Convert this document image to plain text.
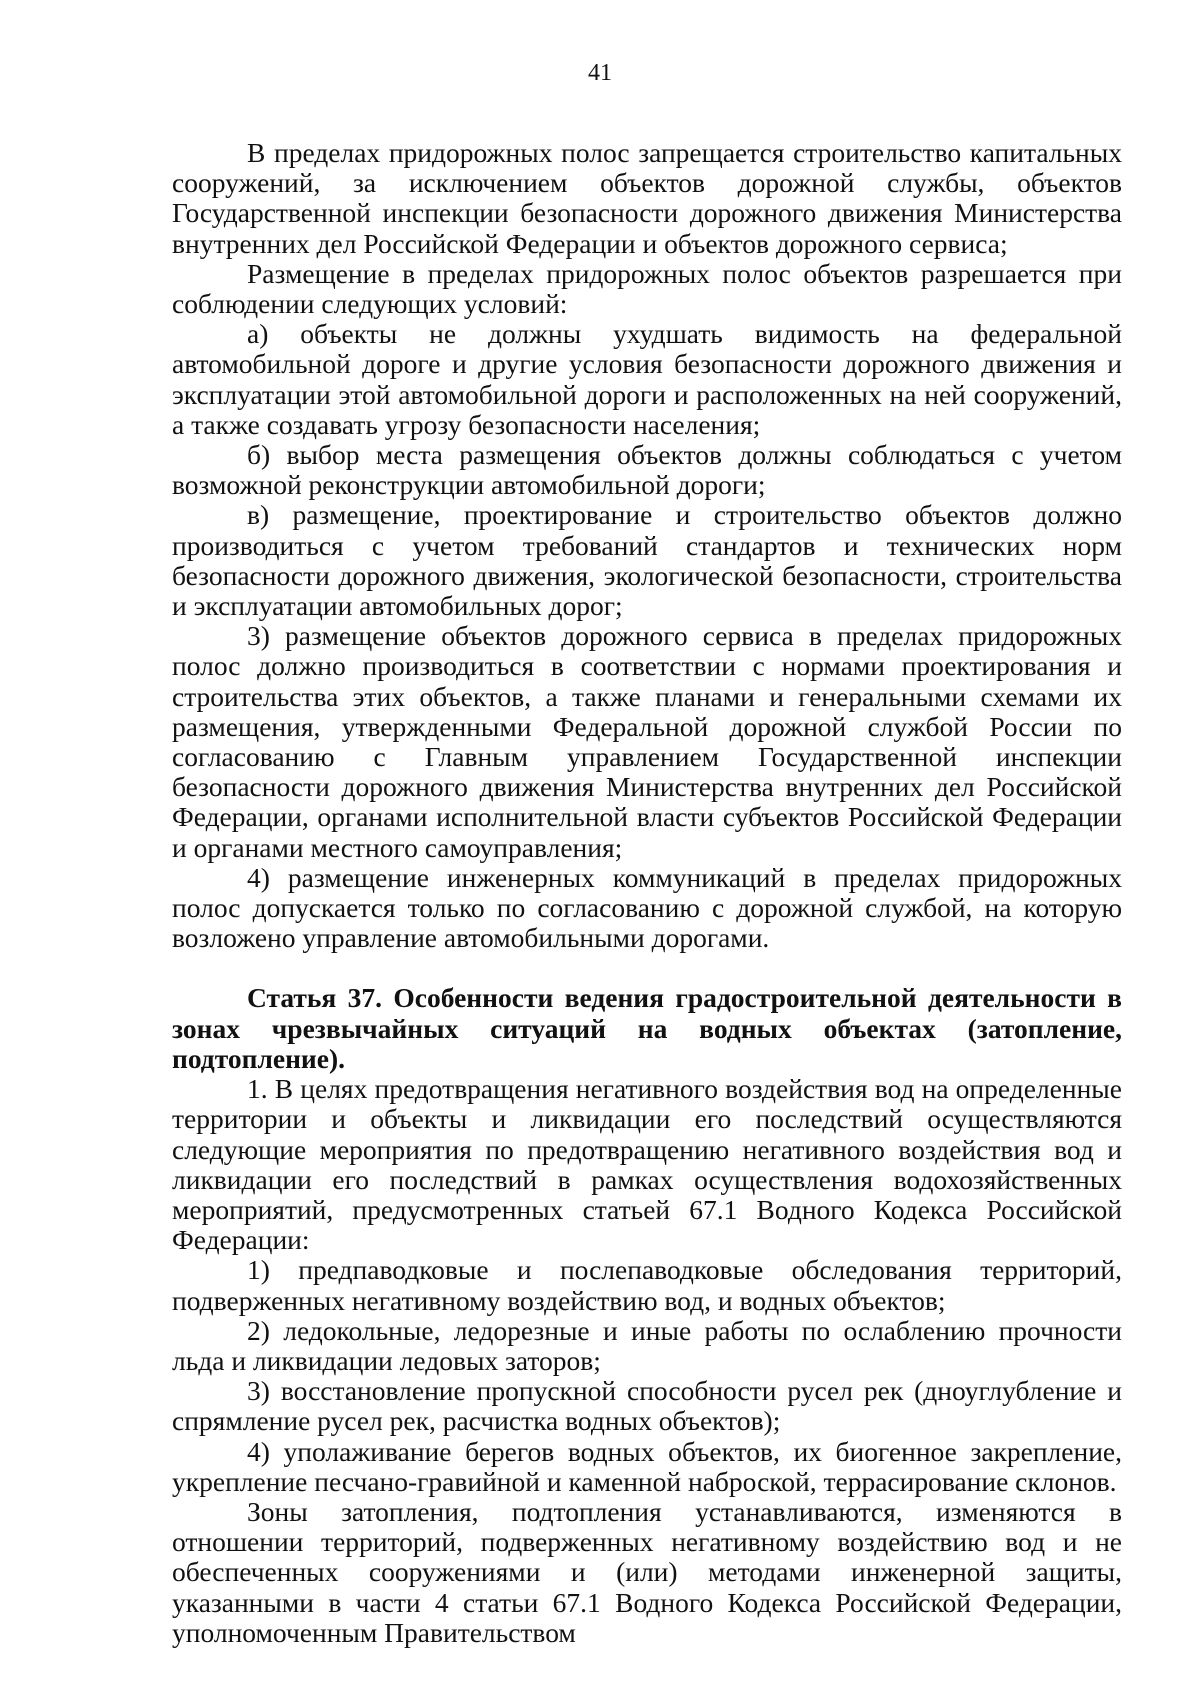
41

В пределах придорожных полос запрещается строительство капитальных сооружений, за исключением объектов дорожной службы, объектов Государственной инспекции безопасности дорожного движения Министерства внутренних дел Российской Федерации и объектов дорожного сервиса;

Размещение в пределах придорожных полос объектов разрешается при соблюдении следующих условий:

а) объекты не должны ухудшать видимость на федеральной автомобильной дороге и другие условия безопасности дорожного движения и эксплуатации этой автомобильной дороги и расположенных на ней сооружений, а также создавать угрозу безопасности населения;

б) выбор места размещения объектов должны соблюдаться с учетом возможной реконструкции автомобильной дороги;

в) размещение, проектирование и строительство объектов должно производиться с учетом требований стандартов и технических норм безопасности дорожного движения, экологической безопасности, строительства и эксплуатации автомобильных дорог;

3) размещение объектов дорожного сервиса в пределах придорожных полос должно производиться в соответствии с нормами проектирования и строительства этих объектов, а также планами и генеральными схемами их размещения, утвержденными Федеральной дорожной службой России по согласованию с Главным управлением Государственной инспекции безопасности дорожного движения Министерства внутренних дел Российской Федерации, органами исполнительной власти субъектов Российской Федерации и органами местного самоуправления;

4) размещение инженерных коммуникаций в пределах придорожных полос допускается только по согласованию с дорожной службой, на которую возложено управление автомобильными дорогами.

Статья 37. Особенности ведения градостроительной деятельности в зонах чрезвычайных ситуаций на водных объектах (затопление, подтопление).

1. В целях предотвращения негативного воздействия вод на определенные территории и объекты и ликвидации его последствий осуществляются следующие мероприятия по предотвращению негативного воздействия вод и ликвидации его последствий в рамках осуществления водохозяйственных мероприятий, предусмотренных статьей 67.1 Водного Кодекса Российской Федерации:

1) предпаводковые и послепаводковые обследования территорий, подверженных негативному воздействию вод, и водных объектов;

2) ледокольные, ледорезные и иные работы по ослаблению прочности льда и ликвидации ледовых заторов;

3) восстановление пропускной способности русел рек (дноуглубление и спрямление русел рек, расчистка водных объектов);

4) уполаживание берегов водных объектов, их биогенное закрепление, укрепление песчано-гравийной и каменной наброской, террасирование склонов.

Зоны затопления, подтопления устанавливаются, изменяются в отношении территорий, подверженных негативному воздействию вод и не обеспеченных сооружениями и (или) методами инженерной защиты, указанными в части 4 статьи 67.1 Водного Кодекса Российской Федерации, уполномоченным Правительством
